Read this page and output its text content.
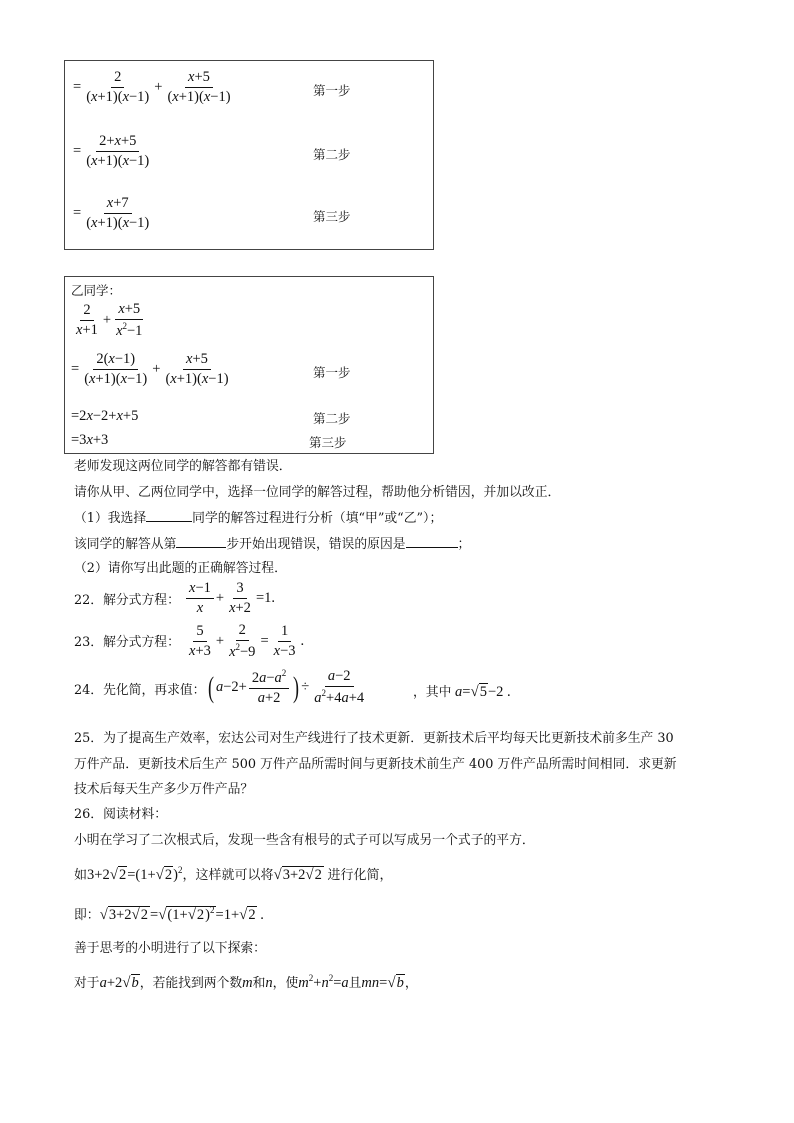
= $\frac{2}{(x+1)(x-1)} + \frac{x+5}{(x+1)(x-1)}$	第一步
= $\frac{2+x+5}{(x+1)(x-1)}$	第二步
= $\frac{x+7}{(x+1)(x-1)}$	第三步
乙同学：
$\frac{2}{x+1} + \frac{x+5}{x^2-1}$
= $\frac{2(x-1)}{(x+1)(x-1)} + \frac{x+5}{(x+1)(x-1)}$	第一步
=2 x −2+ x +5	第二步
=3 x +3	第三步
老师发现这两位同学的解答都有错误．
请你从甲、乙两位同学中，选择一位同学的解答过程，帮助他分析错因，并加以改正．
（1）我选择	同学的解答过程进行分析（填“甲”或“乙”）；
该同学的解答从第	步开始出现错误，错误的原因是	；
（2）请你写出此题的正确解答过程．
22．解分式方程： $\frac{x-1}{x} + \frac{3}{x+2} =1$.
23．解分式方程： $\frac{5}{x+3} + \frac{2}{x^2-9} = \frac{1}{x-3}$ .
24．先化简，再求值： ( $a -2+ \frac{2a-a^2}{a+2}$ ) ÷ $\frac{a-2}{a^2+4a+4}$	，其中 a=√5−2 .
25．为了提高生产效率，宏达公司对生产线进行了技术更新．更新技术后平均每天比更新技术前多生产 30
万件产品．更新技术后生产 500 万件产品所需时间与更新技术前生产 400 万件产品所需时间相同．求更新
技术后每天生产多少万件产品？
26．阅读材料：
小明在学习了二次根式后，发现一些含有根号的式子可以写成另一个式子的平方．
如$3+2√2=(1+√2)^2$，这样就可以将√3+2√2 进行化简，
即：$√3+2√2 =√(1+√2)^2=1+√2$ .
善于思考的小明进行了以下探索：
对于a+2√b，若能找到两个数m和n，使$m^2+n^2=a$且mn=√b，
